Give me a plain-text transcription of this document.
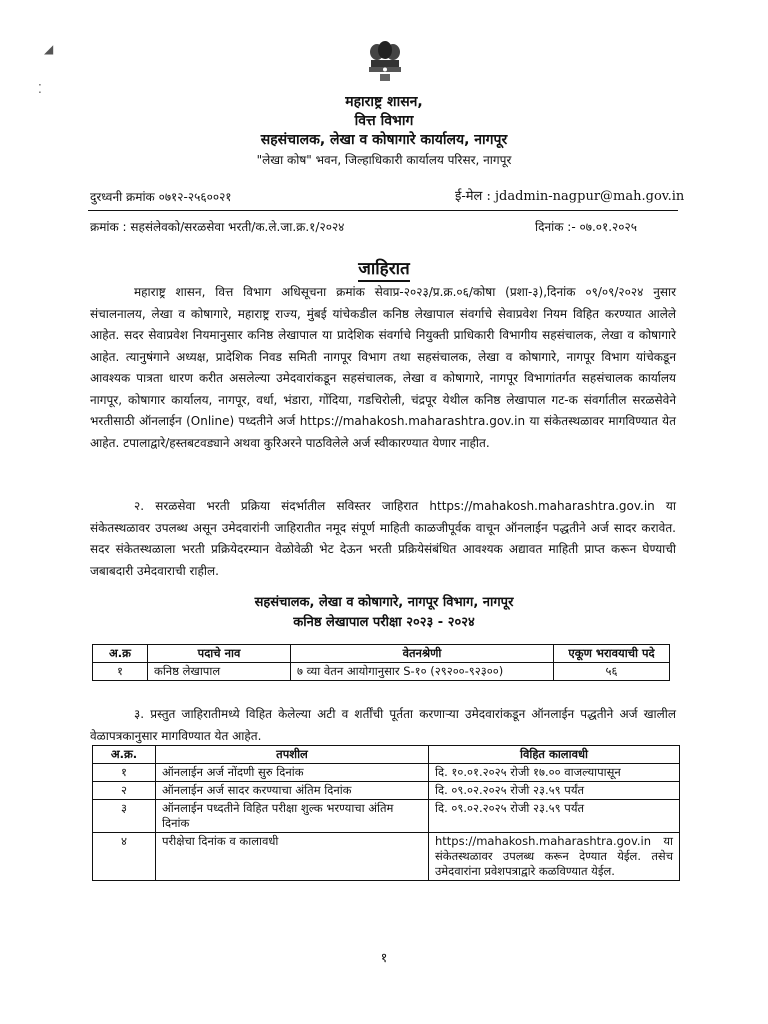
◢
⁚
महाराष्ट्र शासन,
वित्त विभाग
सहसंचालक, लेखा व कोषागारे कार्यालय, नागपूर
"लेखा कोष" भवन, जिल्हाधिकारी कार्यालय परिसर, नागपूर
दुरध्वनी क्रमांक ०७१२-२५६००२१	ई-मेल : jdadmin-nagpur@mah.gov.in
क्रमांक : सहसंलेवको/सरळसेवा भरती/क.ले.जा.क्र.१/२०२४	दिनांक :- ०७.०१.२०२५
जाहिरात
महाराष्ट्र शासन, वित्त विभाग अधिसूचना क्रमांक सेवाप्र-२०२३/प्र.क्र.०६/कोषा (प्रशा-३),दिनांक ०९/०९/२०२४ नुसार संचालनालय, लेखा व कोषागारे, महाराष्ट्र राज्य, मुंबई यांचेकडील कनिष्ठ लेखापाल संवर्गाचे सेवाप्रवेश नियम विहित करण्यात आलेले आहेत. सदर सेवाप्रवेश नियमानुसार कनिष्ठ लेखापाल या प्रादेशिक संवर्गाचे नियुक्ती प्राधिकारी विभागीय सहसंचालक, लेखा व कोषागारे आहेत. त्यानुषंगाने अध्यक्ष, प्रादेशिक निवड समिती नागपूर विभाग तथा सहसंचालक, लेखा व कोषागारे, नागपूर विभाग यांचेकडून आवश्यक पात्रता धारण करीत असलेल्या उमेदवारांकडून सहसंचालक, लेखा व कोषागारे, नागपूर विभागांतर्गत सहसंचालक कार्यालय नागपूर, कोषागार कार्यालय, नागपूर, वर्धा, भंडारा, गोंदिया, गडचिरोली, चंद्रपूर येथील कनिष्ठ लेखापाल गट-क संवर्गातील सरळसेवेने भरतीसाठी ऑनलाईन (Online) पध्दतीने अर्ज https://mahakosh.maharashtra.gov.in या संकेतस्थळावर मागविण्यात येत आहेत. टपालाद्वारे/हस्तबटवड्याने अथवा कुरिअरने पाठविलेले अर्ज स्वीकारण्यात येणार नाहीत.
२. सरळसेवा भरती प्रक्रिया संदर्भातील सविस्तर जाहिरात https://mahakosh.maharashtra.gov.in या संकेतस्थळावर उपलब्ध असून उमेदवारांनी जाहिरातीत नमूद संपूर्ण माहिती काळजीपूर्वक वाचून ऑनलाईन पद्धतीने अर्ज सादर करावेत. सदर संकेतस्थळाला भरती प्रक्रियेदरम्यान वेळोवेळी भेट देऊन भरती प्रक्रियेसंबंधित आवश्यक अद्यावत माहिती प्राप्त करून घेण्याची जबाबदारी उमेदवाराची राहील.
सहसंचालक, लेखा व कोषागारे, नागपूर विभाग, नागपूर
कनिष्ठ लेखापाल परीक्षा २०२३ - २०२४
अ.क्र	पदाचे नाव	वेतनश्रेणी	एकूण भरावयाची पदे
१	कनिष्ठ लेखापाल	७ व्या वेतन आयोगानुसार S-१० (२९२००-९२३००)	५६
३. प्रस्तुत जाहिरातीमध्ये विहित केलेल्या अटी व शर्तींची पूर्तता करणाऱ्या उमेदवारांकडून ऑनलाईन पद्धतीने अर्ज खालील वेळापत्रकानुसार मागविण्यात येत आहेत.
अ.क्र.	तपशील	विहित कालावधी
१	ऑनलाईन अर्ज नोंदणी सुरु दिनांक	दि. १०.०१.२०२५ रोजी १७.०० वाजल्यापासून
२	ऑनलाईन अर्ज सादर करण्याचा अंतिम दिनांक	दि. ०९.०२.२०२५ रोजी २३.५९ पर्यंत
३	ऑनलाईन पध्दतीने विहित परीक्षा शुल्क भरण्याचा अंतिम दिनांक	दि. ०९.०२.२०२५ रोजी २३.५९ पर्यंत
४	परीक्षेचा दिनांक व कालावधी	https://mahakosh.maharashtra.gov.in या संकेतस्थळावर उपलब्ध करून देण्यात येईल. तसेच उमेदवारांना प्रवेशपत्राद्वारे कळविण्यात येईल.
१
